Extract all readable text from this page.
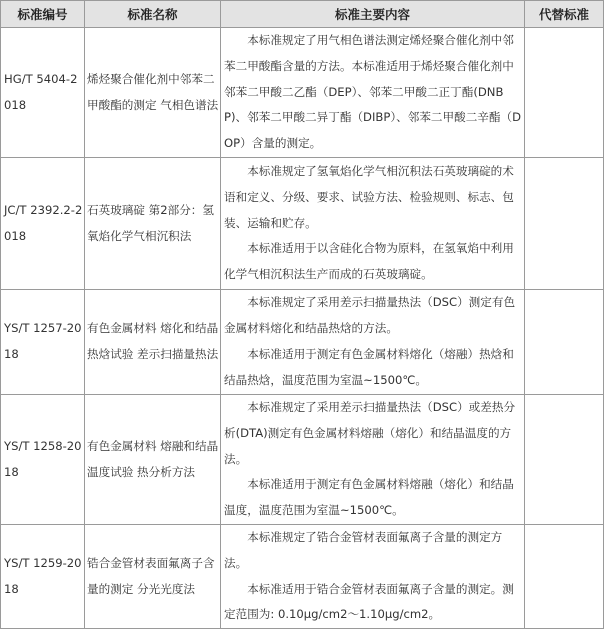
标准编号	标准名称	标准主要内容	代替标准
HG/T 5404-2018	烯烃聚合催化剂中邻苯二甲酸酯的测定 气相色谱法	本标准规定了用气相色谱法测定烯烃聚合催化剂中邻苯二甲酸酯含量的方法。本标准适用于烯烃聚合催化剂中邻苯二甲酸二乙酯（DEP）、邻苯二甲酸二正丁酯(DNBP)、邻苯二甲酸二异丁酯（DIBP）、邻苯二甲酸二辛酯（DOP）含量的测定。	

JC/T 2392.2-2018	石英玻璃碇 第2部分：氢氧焰化学气相沉积法	本标准规定了氢氧焰化学气相沉积法石英玻璃碇的术语和定义、分级、要求、试验方法、检验规则、标志、包装、运输和贮存。
本标准适用于以含硅化合物为原料，在氢氧焰中利用化学气相沉积法生产而成的石英玻璃碇。	

YS/T 1257-2018	有色金属材料 熔化和结晶热焓试验 差示扫描量热法	本标准规定了采用差示扫描量热法（DSC）测定有色金属材料熔化和结晶热焓的方法。
本标准适用于测定有色金属材料熔化（熔融）热焓和结晶热焓，温度范围为室温~1500℃。	

YS/T 1258-2018	有色金属材料 熔融和结晶温度试验 热分析方法	本标准规定了采用差示扫描量热法（DSC）或差热分析(DTA)测定有色金属材料熔融（熔化）和结晶温度的方法。
本标准适用于测定有色金属材料熔融（熔化）和结晶温度，温度范围为室温~1500℃。	

YS/T 1259-2018	锆合金管材表面氟离子含量的测定 分光光度法	本标准规定了锆合金管材表面氟离子含量的测定方法。
本标准适用于锆合金管材表面氟离子含量的测定。测定范围为: 0.10μg/cm2～1.10μg/cm2。	
